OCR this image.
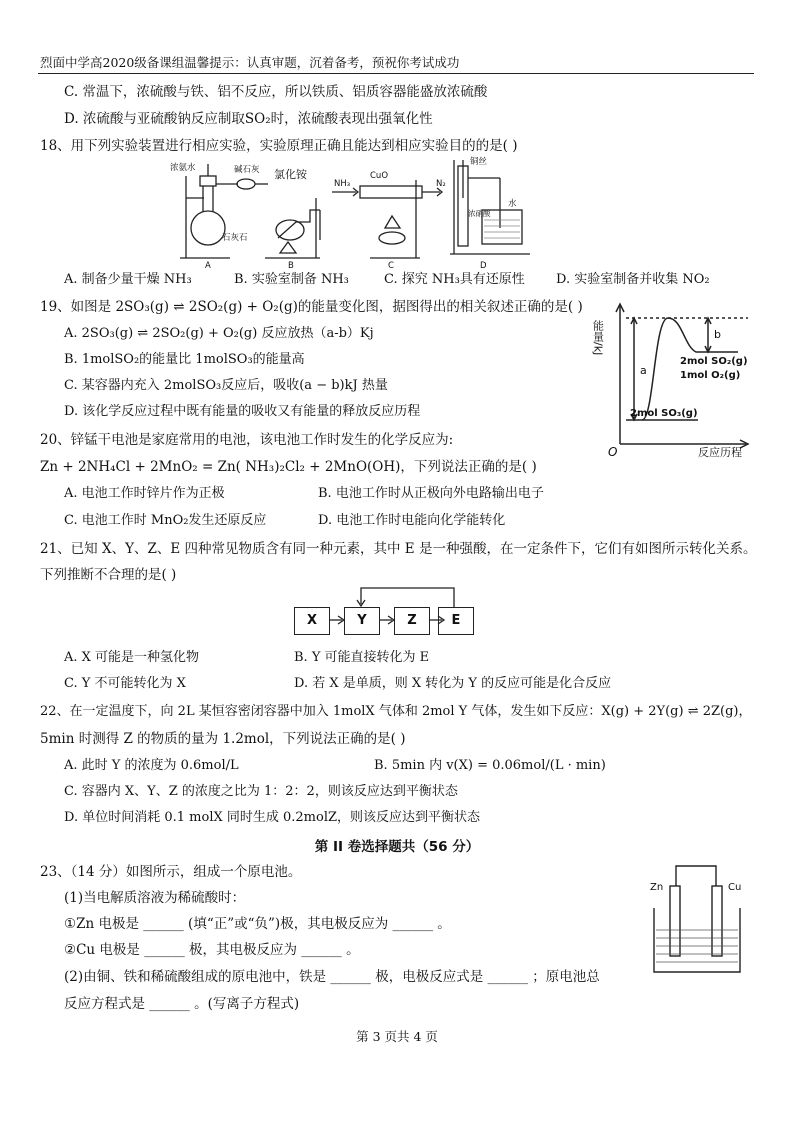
烈面中学高2020级备课组温馨提示：认真审题，沉着备考，预祝你考试成功
C. 常温下，浓硫酸与铁、铝不反应，所以铁质、铝质容器能盛放浓硫酸
D. 浓硫酸与亚硫酸钠反应制取SO₂时，浓硫酸表现出强氧化性
18、用下列实验装置进行相应实验，实验原理正确且能达到相应实验目的的是( )
浓氨水	碱石灰
石灰石
氯化铵
NH₃
CuO
N₂
铜丝
浓硝酸
水
A	B	C	D
A. 制备少量干燥 NH₃	B. 实验室制备 NH₃	C. 探究 NH₃具有还原性 D. 实验室制备并收集 NO₂
19、如图是 2SO₃(g) ⇌ 2SO₂(g) + O₂(g)的能量变化图，据图得出的相关叙述正确的是( )
A. 2SO₃(g) ⇌ 2SO₂(g) + O₂(g) 反应放热（a-b）Kj
B. 1molSO₂的能量比 1molSO₃的能量高
C. 某容器内充入 2molSO₃反应后，吸收(a − b)kJ 热量
D. 该化学反应过程中既有能量的吸收又有能量的释放反应历程
能量/kJ
反应历程
O
a
b
2mol SO₂(g)
1mol O₂(g)
2mol SO₃(g)
20、锌锰干电池是家庭常用的电池，该电池工作时发生的化学反应为:
Zn + 2NH₄Cl + 2MnO₂ = Zn( NH₃)₂Cl₂ + 2MnO(OH)，下列说法正确的是( )
A. 电池工作时锌片作为正极	B. 电池工作时从正极向外电路输出电子
C. 电池工作时 MnO₂发生还原反应	D. 电池工作时电能向化学能转化
21、已知 X、Y、Z、E 四种常见物质含有同一种元素，其中 E 是一种强酸，在一定条件下，它们有如图所示转化关系。
下列推断不合理的是( )
X	Y	Z	E
A. X 可能是一种氢化物	B. Y 可能直接转化为 E
C. Y 不可能转化为 X	D. 若 X 是单质，则 X 转化为 Y 的反应可能是化合反应
22、在一定温度下，向 2L 某恒容密闭容器中加入 1molX 气体和 2mol Y 气体，发生如下反应：X(g) + 2Y(g) ⇌ 2Z(g)，
5min 时测得 Z 的物质的量为 1.2mol，下列说法正确的是( )
A. 此时 Y 的浓度为 0.6mol/L	B. 5min 内 v(X) = 0.06mol/(L · min)
C. 容器内 X、Y、Z 的浓度之比为 1：2：2，则该反应达到平衡状态
D. 单位时间消耗 0.1 molX 同时生成 0.2molZ，则该反应达到平衡状态
第 II 卷选择题共（56 分）
23、（14 分）如图所示，组成一个原电池。
(1)当电解质溶液为稀硫酸时：
①Zn 电极是 ______ (填“正”或“负”)极，其电极反应为 ______ 。
②Cu 电极是 ______ 极，其电极反应为 ______ 。
(2)由铜、铁和稀硫酸组成的原电池中，铁是 ______ 极，电极反应式是 ______ ；原电池总
反应方程式是 ______ 。(写离子方程式)
Zn	Cu
第 3 页共 4 页
